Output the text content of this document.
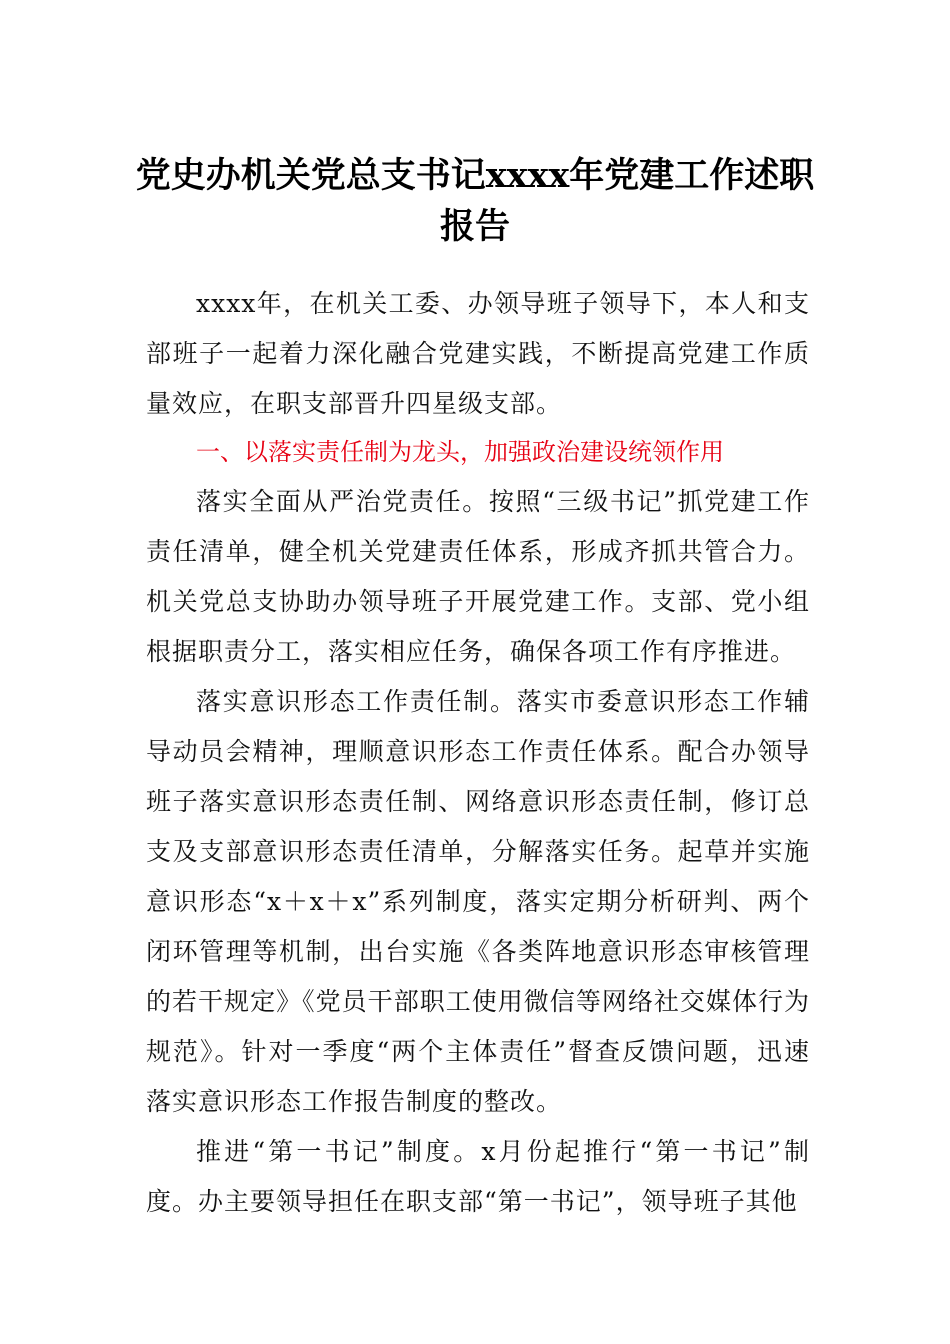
党史办机关党总支书记xxxx年党建工作述职报告

xxxx年，在机关工委、办领导班子领导下，本人和支部班子一起着力深化融合党建实践，不断提高党建工作质量效应，在职支部晋升四星级支部。

一、以落实责任制为龙头，加强政治建设统领作用

落实全面从严治党责任。按照“三级书记”抓党建工作责任清单，健全机关党建责任体系，形成齐抓共管合力。机关党总支协助办领导班子开展党建工作。支部、党小组根据职责分工，落实相应任务，确保各项工作有序推进。

落实意识形态工作责任制。落实市委意识形态工作辅导动员会精神，理顺意识形态工作责任体系。配合办领导班子落实意识形态责任制、网络意识形态责任制，修订总支及支部意识形态责任清单，分解落实任务。起草并实施意识形态“x＋x＋x”系列制度，落实定期分析研判、两个闭环管理等机制，出台实施《各类阵地意识形态审核管理的若干规定》《党员干部职工使用微信等网络社交媒体行为规范》。针对一季度“两个主体责任”督查反馈问题，迅速落实意识形态工作报告制度的整改。

推进“第一书记”制度。x月份起推行“第一书记”制度。办主要领导担任在职支部“第一书记”，领导班子其他
